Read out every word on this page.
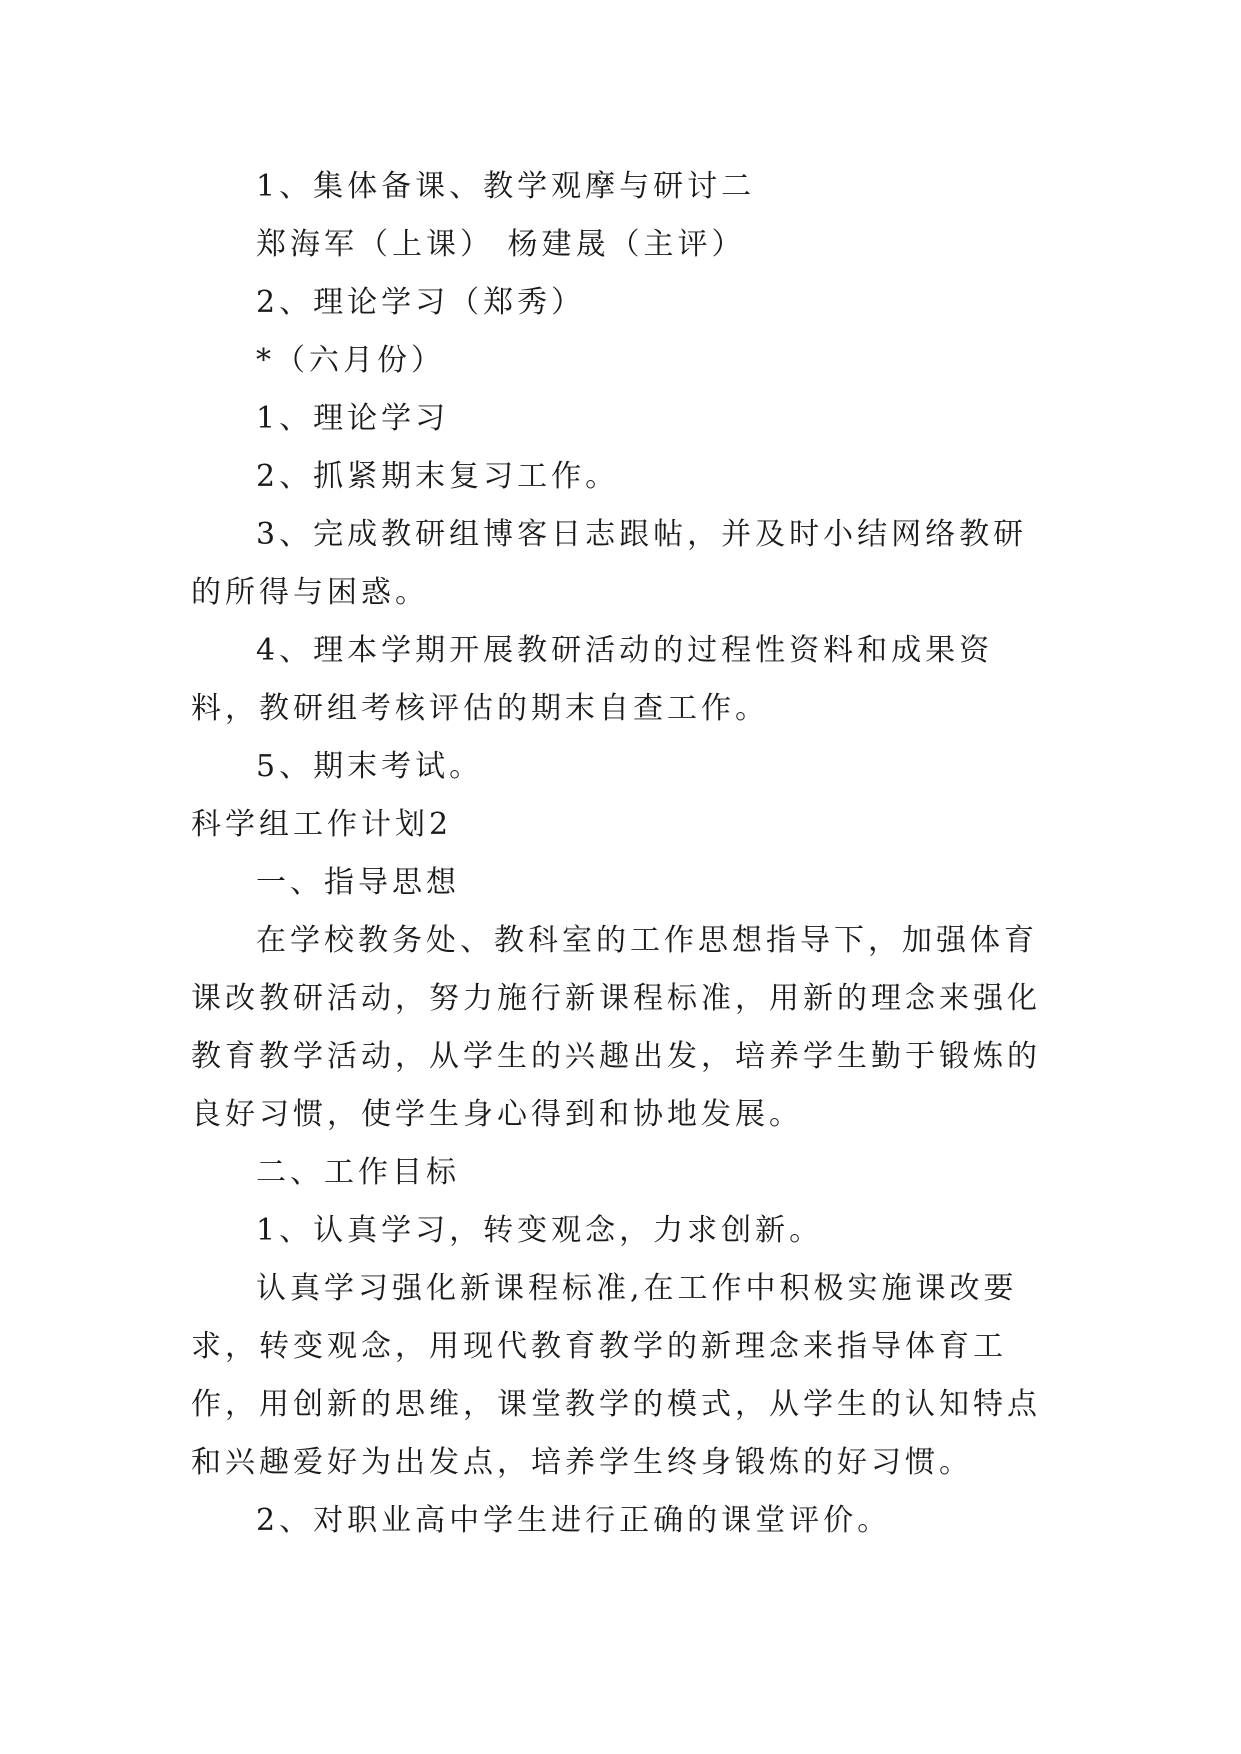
1、集体备课、教学观摩与研讨二

郑海军（上课） 杨建晟（主评）

2、理论学习（郑秀）

*（六月份）

1、理论学习

2、抓紧期末复习工作。

3、完成教研组博客日志跟帖，并及时小结网络教研的所得与困惑。

4、理本学期开展教研活动的过程性资料和成果资料，教研组考核评估的期末自查工作。

5、期末考试。

科学组工作计划2

一、指导思想

在学校教务处、教科室的工作思想指导下，加强体育课改教研活动，努力施行新课程标准，用新的理念来强化教育教学活动，从学生的兴趣出发，培养学生勤于锻炼的良好习惯，使学生身心得到和协地发展。

二、工作目标

1、认真学习，转变观念，力求创新。

认真学习强化新课程标准,在工作中积极实施课改要求，转变观念，用现代教育教学的新理念来指导体育工作，用创新的思维，课堂教学的模式，从学生的认知特点和兴趣爱好为出发点，培养学生终身锻炼的好习惯。

2、对职业高中学生进行正确的课堂评价。
